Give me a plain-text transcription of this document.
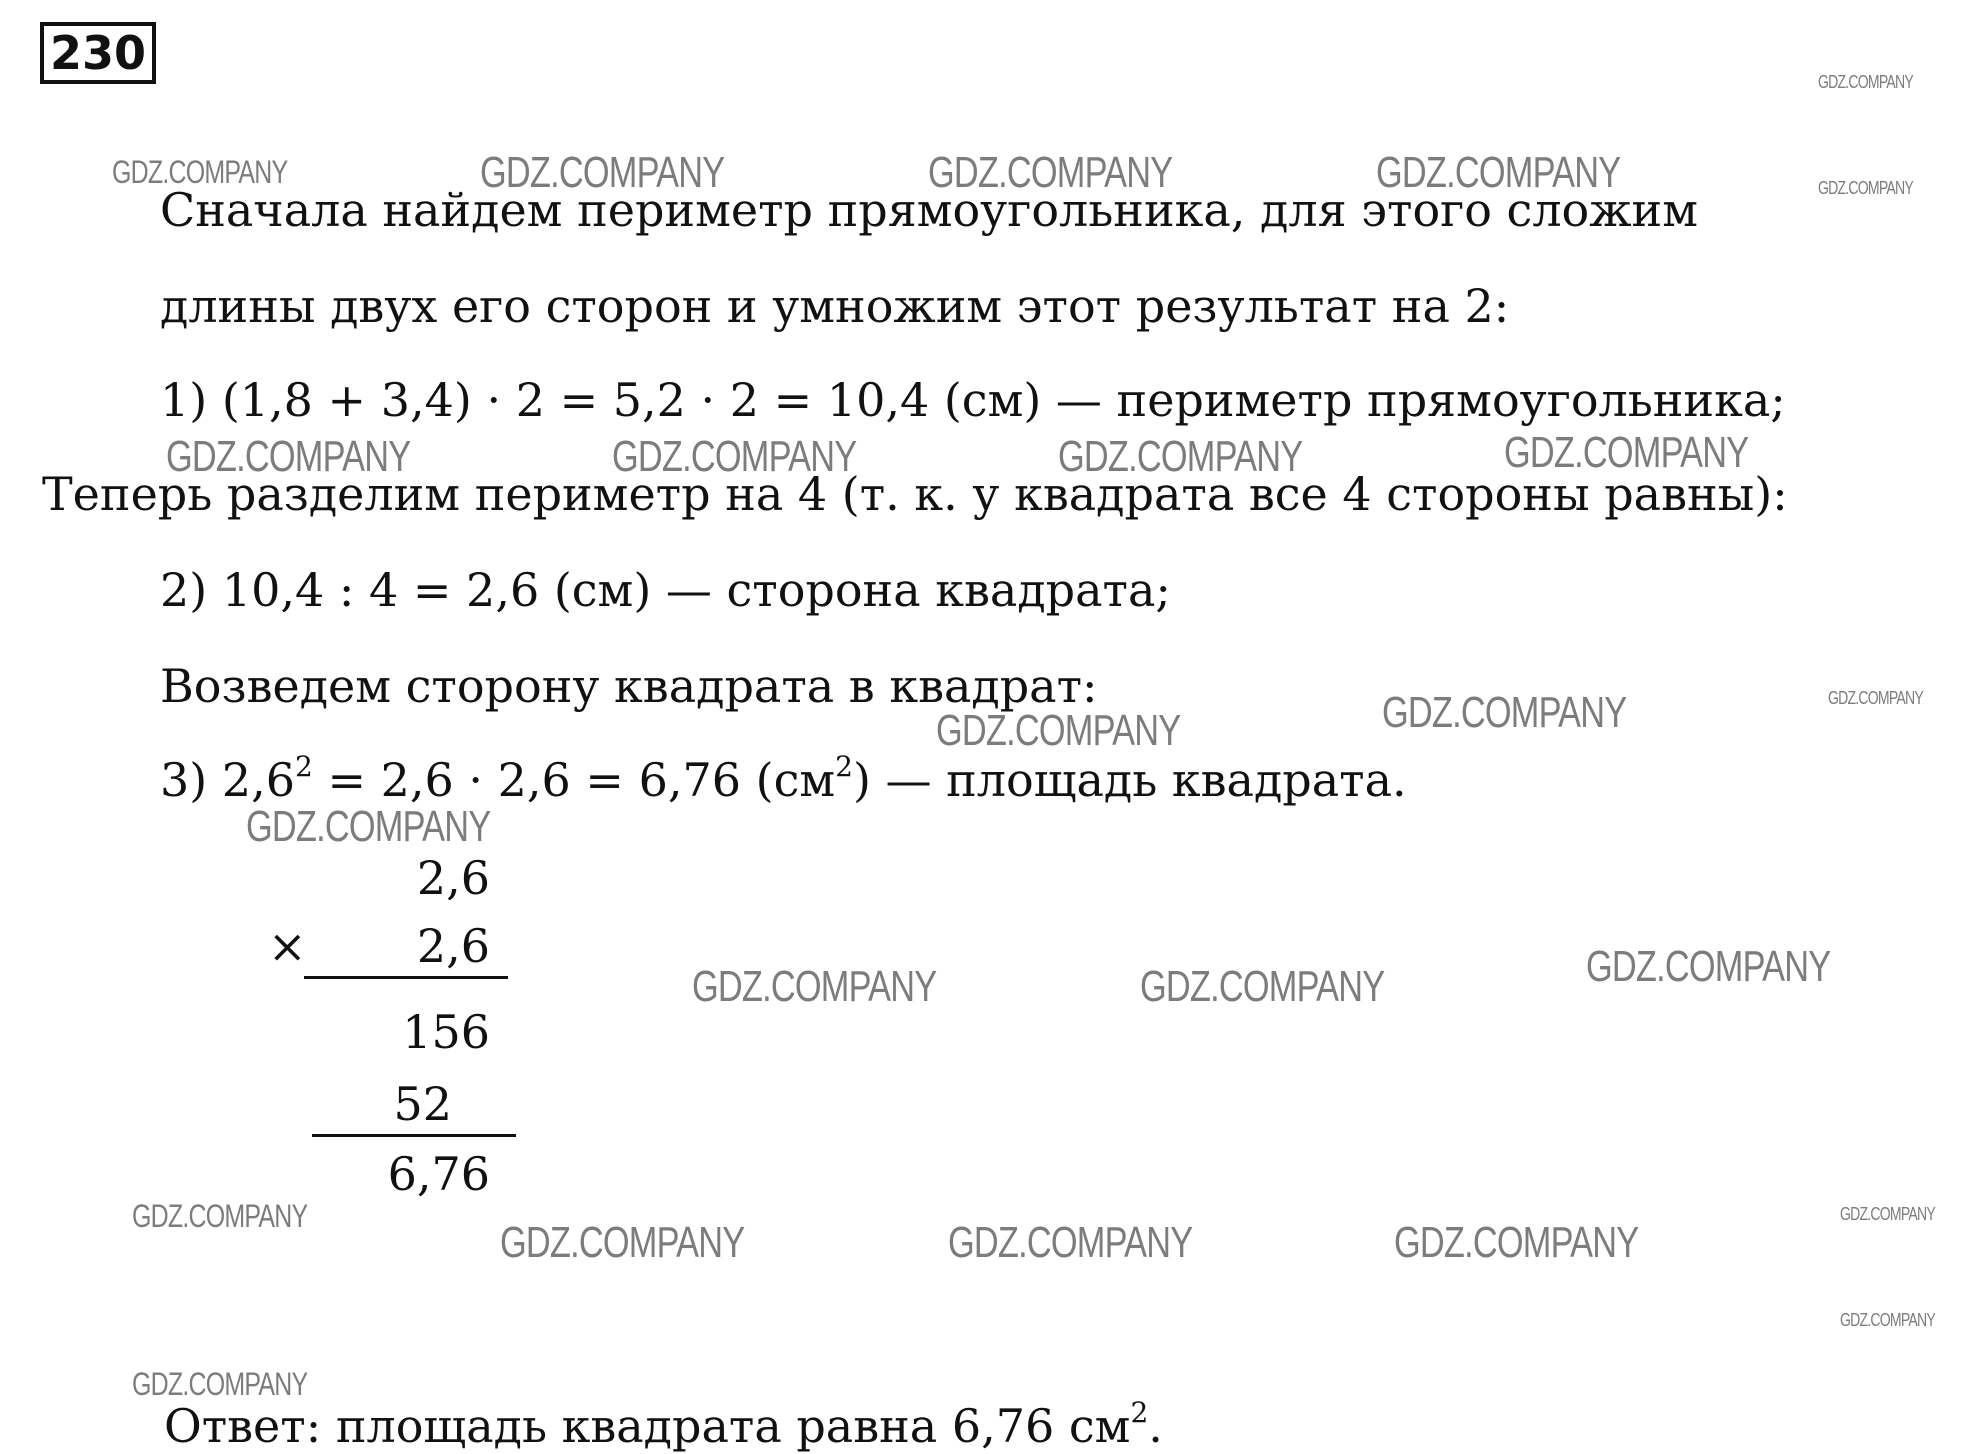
230
GDZ.COMPANY
GDZ.COMPANY	GDZ.COMPANY	GDZ.COMPANY	GDZ.COMPANY	GDZ.COMPANY
GDZ.COMPANY	GDZ.COMPANY	GDZ.COMPANY	GDZ.COMPANY
GDZ.COMPANY
GDZ.COMPANY	GDZ.COMPANY
GDZ.COMPANY
GDZ.COMPANY	GDZ.COMPANY	GDZ.COMPANY
GDZ.COMPANY
GDZ.COMPANY	GDZ.COMPANY	GDZ.COMPANY
GDZ.COMPANY
GDZ.COMPANY
GDZ.COMPANY
Сначала найдем периметр прямоугольника, для этого сложим
длины двух его сторон и умножим этот результат на 2:
1) (1,8 + 3,4) · 2 = 5,2 · 2 = 10,4 (см) — периметр прямоугольника;
Теперь разделим периметр на 4 (т. к. у квадрата все 4 стороны равны):
2) 10,4 : 4 = 2,6 (см) — сторона квадрата;
Возведем сторону квадрата в квадрат:
3) $2,6^2 = 2,6 \cdot 2,6 = 6,76$ $(см^2)$ — площадь квадрата.
2,6
×	2,6
156
52
6,76
Ответ: площадь квадрата равна 6,76 $см^2$.
